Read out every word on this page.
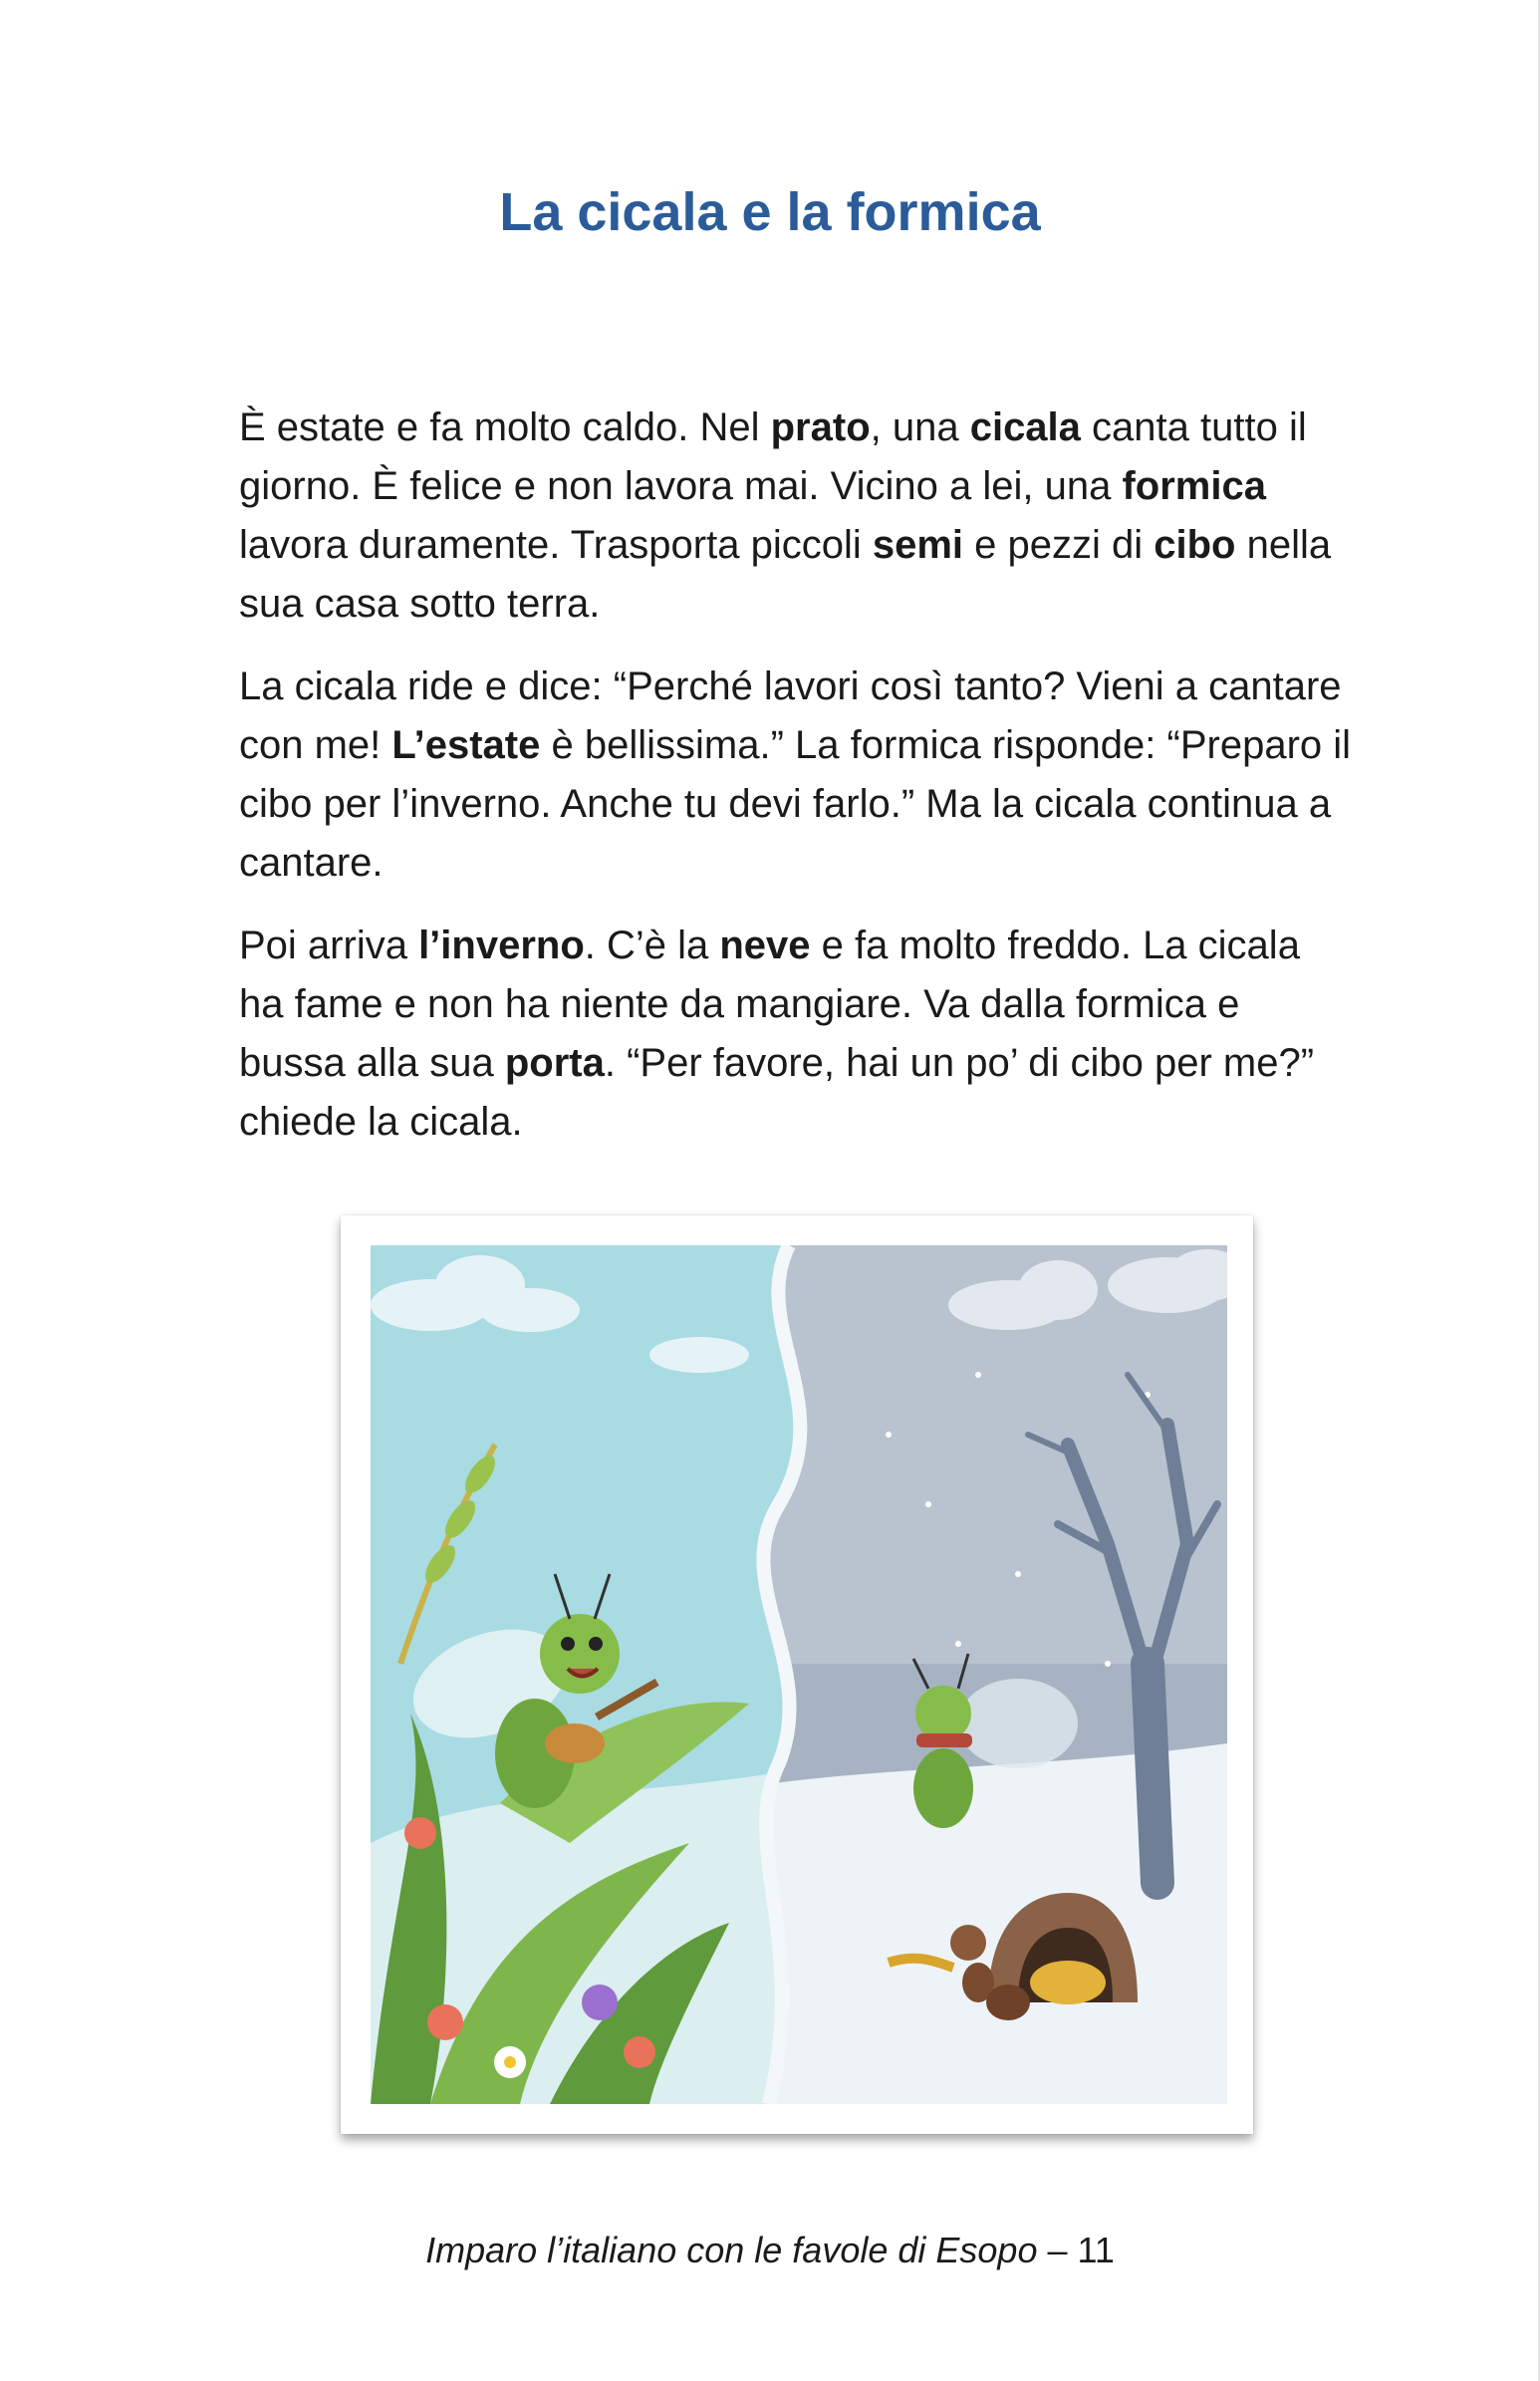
La cicala e la formica

È estate e fa molto caldo. Nel prato, una cicala canta tutto il giorno. È felice e non lavora mai. Vicino a lei, una formica lavora duramente. Trasporta piccoli semi e pezzi di cibo nella sua casa sotto terra.

La cicala ride e dice: “Perché lavori così tanto? Vieni a cantare con me! L’estate è bellissima.” La formica risponde: “Preparo il cibo per l’inverno. Anche tu devi farlo.” Ma la cicala continua a cantare.

Poi arriva l’inverno. C’è la neve e fa molto freddo. La cicala ha fame e non ha niente da mangiare. Va dalla formica e bussa alla sua porta. “Per favore, hai un po’ di cibo per me?” chiede la cicala.

Imparo l’italiano con le favole di Esopo – 11
